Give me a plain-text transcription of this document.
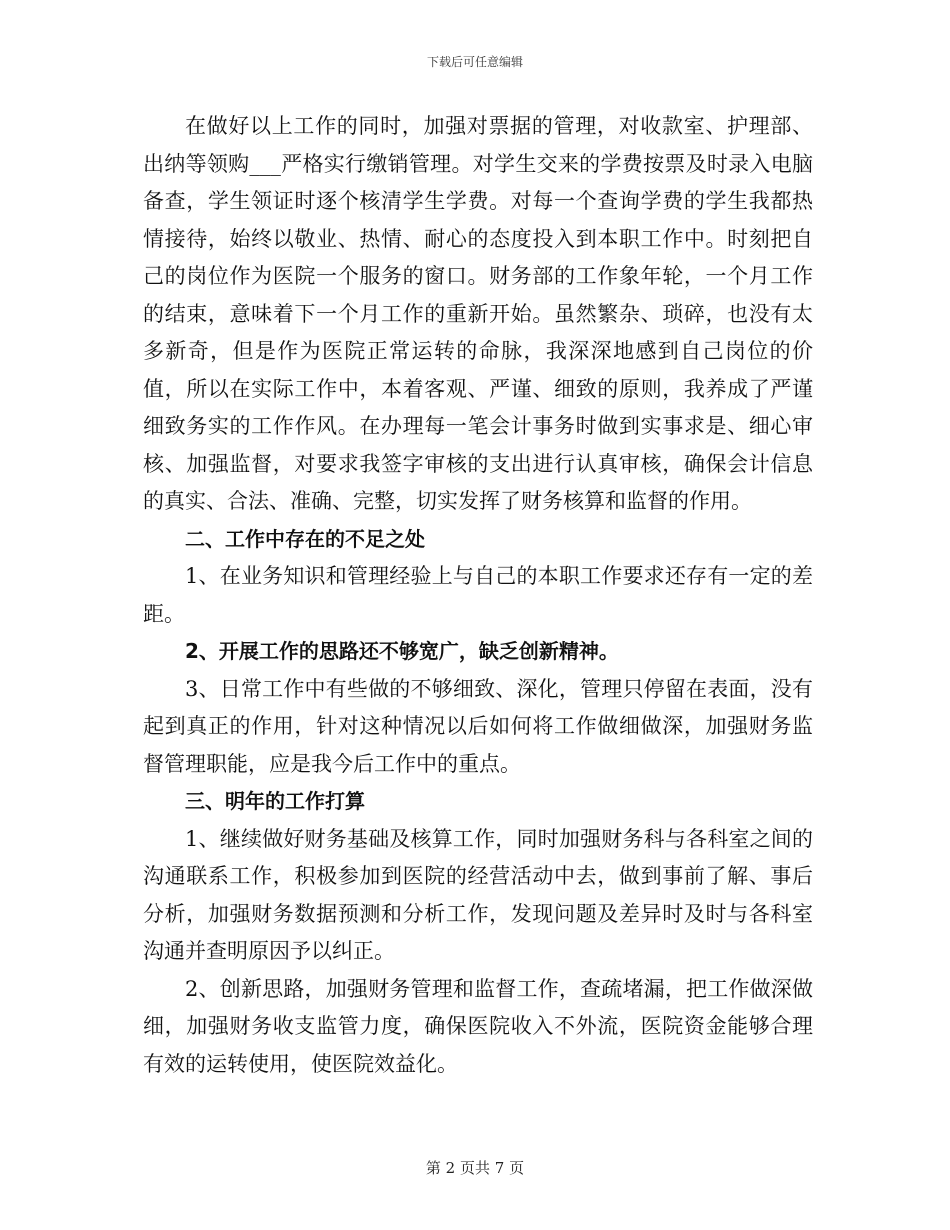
下载后可任意编辑

在做好以上工作的同时，加强对票据的管理，对收款室、护理部、出纳等领购___严格实行缴销管理。对学生交来的学费按票及时录入电脑备查，学生领证时逐个核清学生学费。对每一个查询学费的学生我都热情接待，始终以敬业、热情、耐心的态度投入到本职工作中。时刻把自己的岗位作为医院一个服务的窗口。财务部的工作象年轮，一个月工作的结束，意味着下一个月工作的重新开始。虽然繁杂、琐碎，也没有太多新奇，但是作为医院正常运转的命脉，我深深地感到自己岗位的价值，所以在实际工作中，本着客观、严谨、细致的原则，我养成了严谨细致务实的工作作风。在办理每一笔会计事务时做到实事求是、细心审核、加强监督，对要求我签字审核的支出进行认真审核，确保会计信息的真实、合法、准确、完整，切实发挥了财务核算和监督的作用。

二、工作中存在的不足之处

1、在业务知识和管理经验上与自己的本职工作要求还存有一定的差距。

2、开展工作的思路还不够宽广，缺乏创新精神。

3、日常工作中有些做的不够细致、深化，管理只停留在表面，没有起到真正的作用，针对这种情况以后如何将工作做细做深，加强财务监督管理职能，应是我今后工作中的重点。

三、明年的工作打算

1、继续做好财务基础及核算工作，同时加强财务科与各科室之间的沟通联系工作，积极参加到医院的经营活动中去，做到事前了解、事后分析，加强财务数据预测和分析工作，发现问题及差异时及时与各科室沟通并查明原因予以纠正。

2、创新思路，加强财务管理和监督工作，查疏堵漏，把工作做深做细，加强财务收支监管力度，确保医院收入不外流，医院资金能够合理有效的运转使用，使医院效益化。

第 2 页共 7 页
